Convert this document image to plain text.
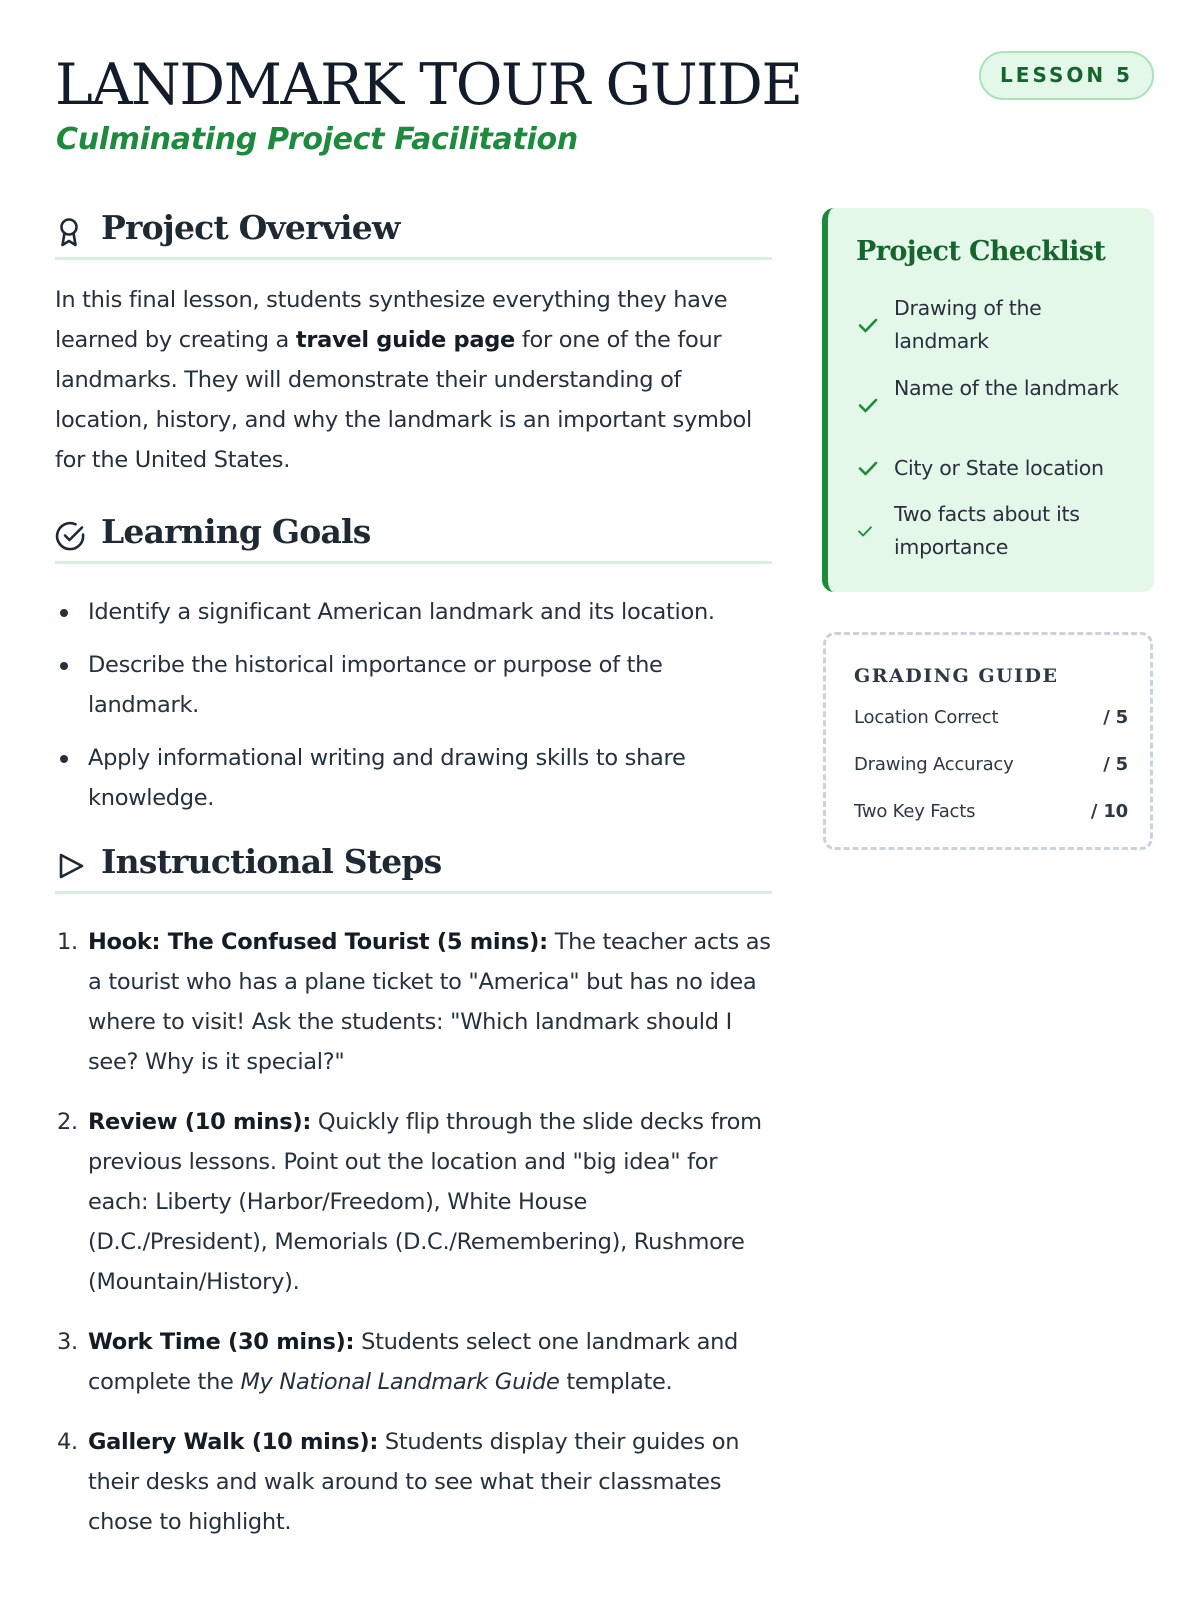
LANDMARK TOUR GUIDE
Culminating Project Facilitation
LESSON 5
Project Overview

In this final lesson, students synthesize everything they have learned by creating a travel guide page for one of the four landmarks. They will demonstrate their understanding of location, history, and why the landmark is an important symbol for the United States.

Learning Goals
Identify a significant American landmark and its location.
Describe the historical importance or purpose of the landmark.
Apply informational writing and drawing skills to share knowledge.
Instructional Steps
1. Hook: The Confused Tourist (5 mins): The teacher acts as a tourist who has a plane ticket to "America" but has no idea where to visit! Ask the students: "Which landmark should I see? Why is it special?"
2. Review (10 mins): Quickly flip through the slide decks from previous lessons. Point out the location and "big idea" for each: Liberty (Harbor/Freedom), White House (D.C./President), Memorials (D.C./Remembering), Rushmore (Mountain/History).
3. Work Time (30 mins): Students select one landmark and complete the My National Landmark Guide template.
4. Gallery Walk (10 mins): Students display their guides on their desks and walk around to see what their classmates chose to highlight.
Project Checklist
Drawing of the landmark
Name of the landmark
City or State location
Two facts about its importance
GRADING GUIDE
Location Correct	/ 5
Drawing Accuracy	/ 5
Two Key Facts	/ 10
